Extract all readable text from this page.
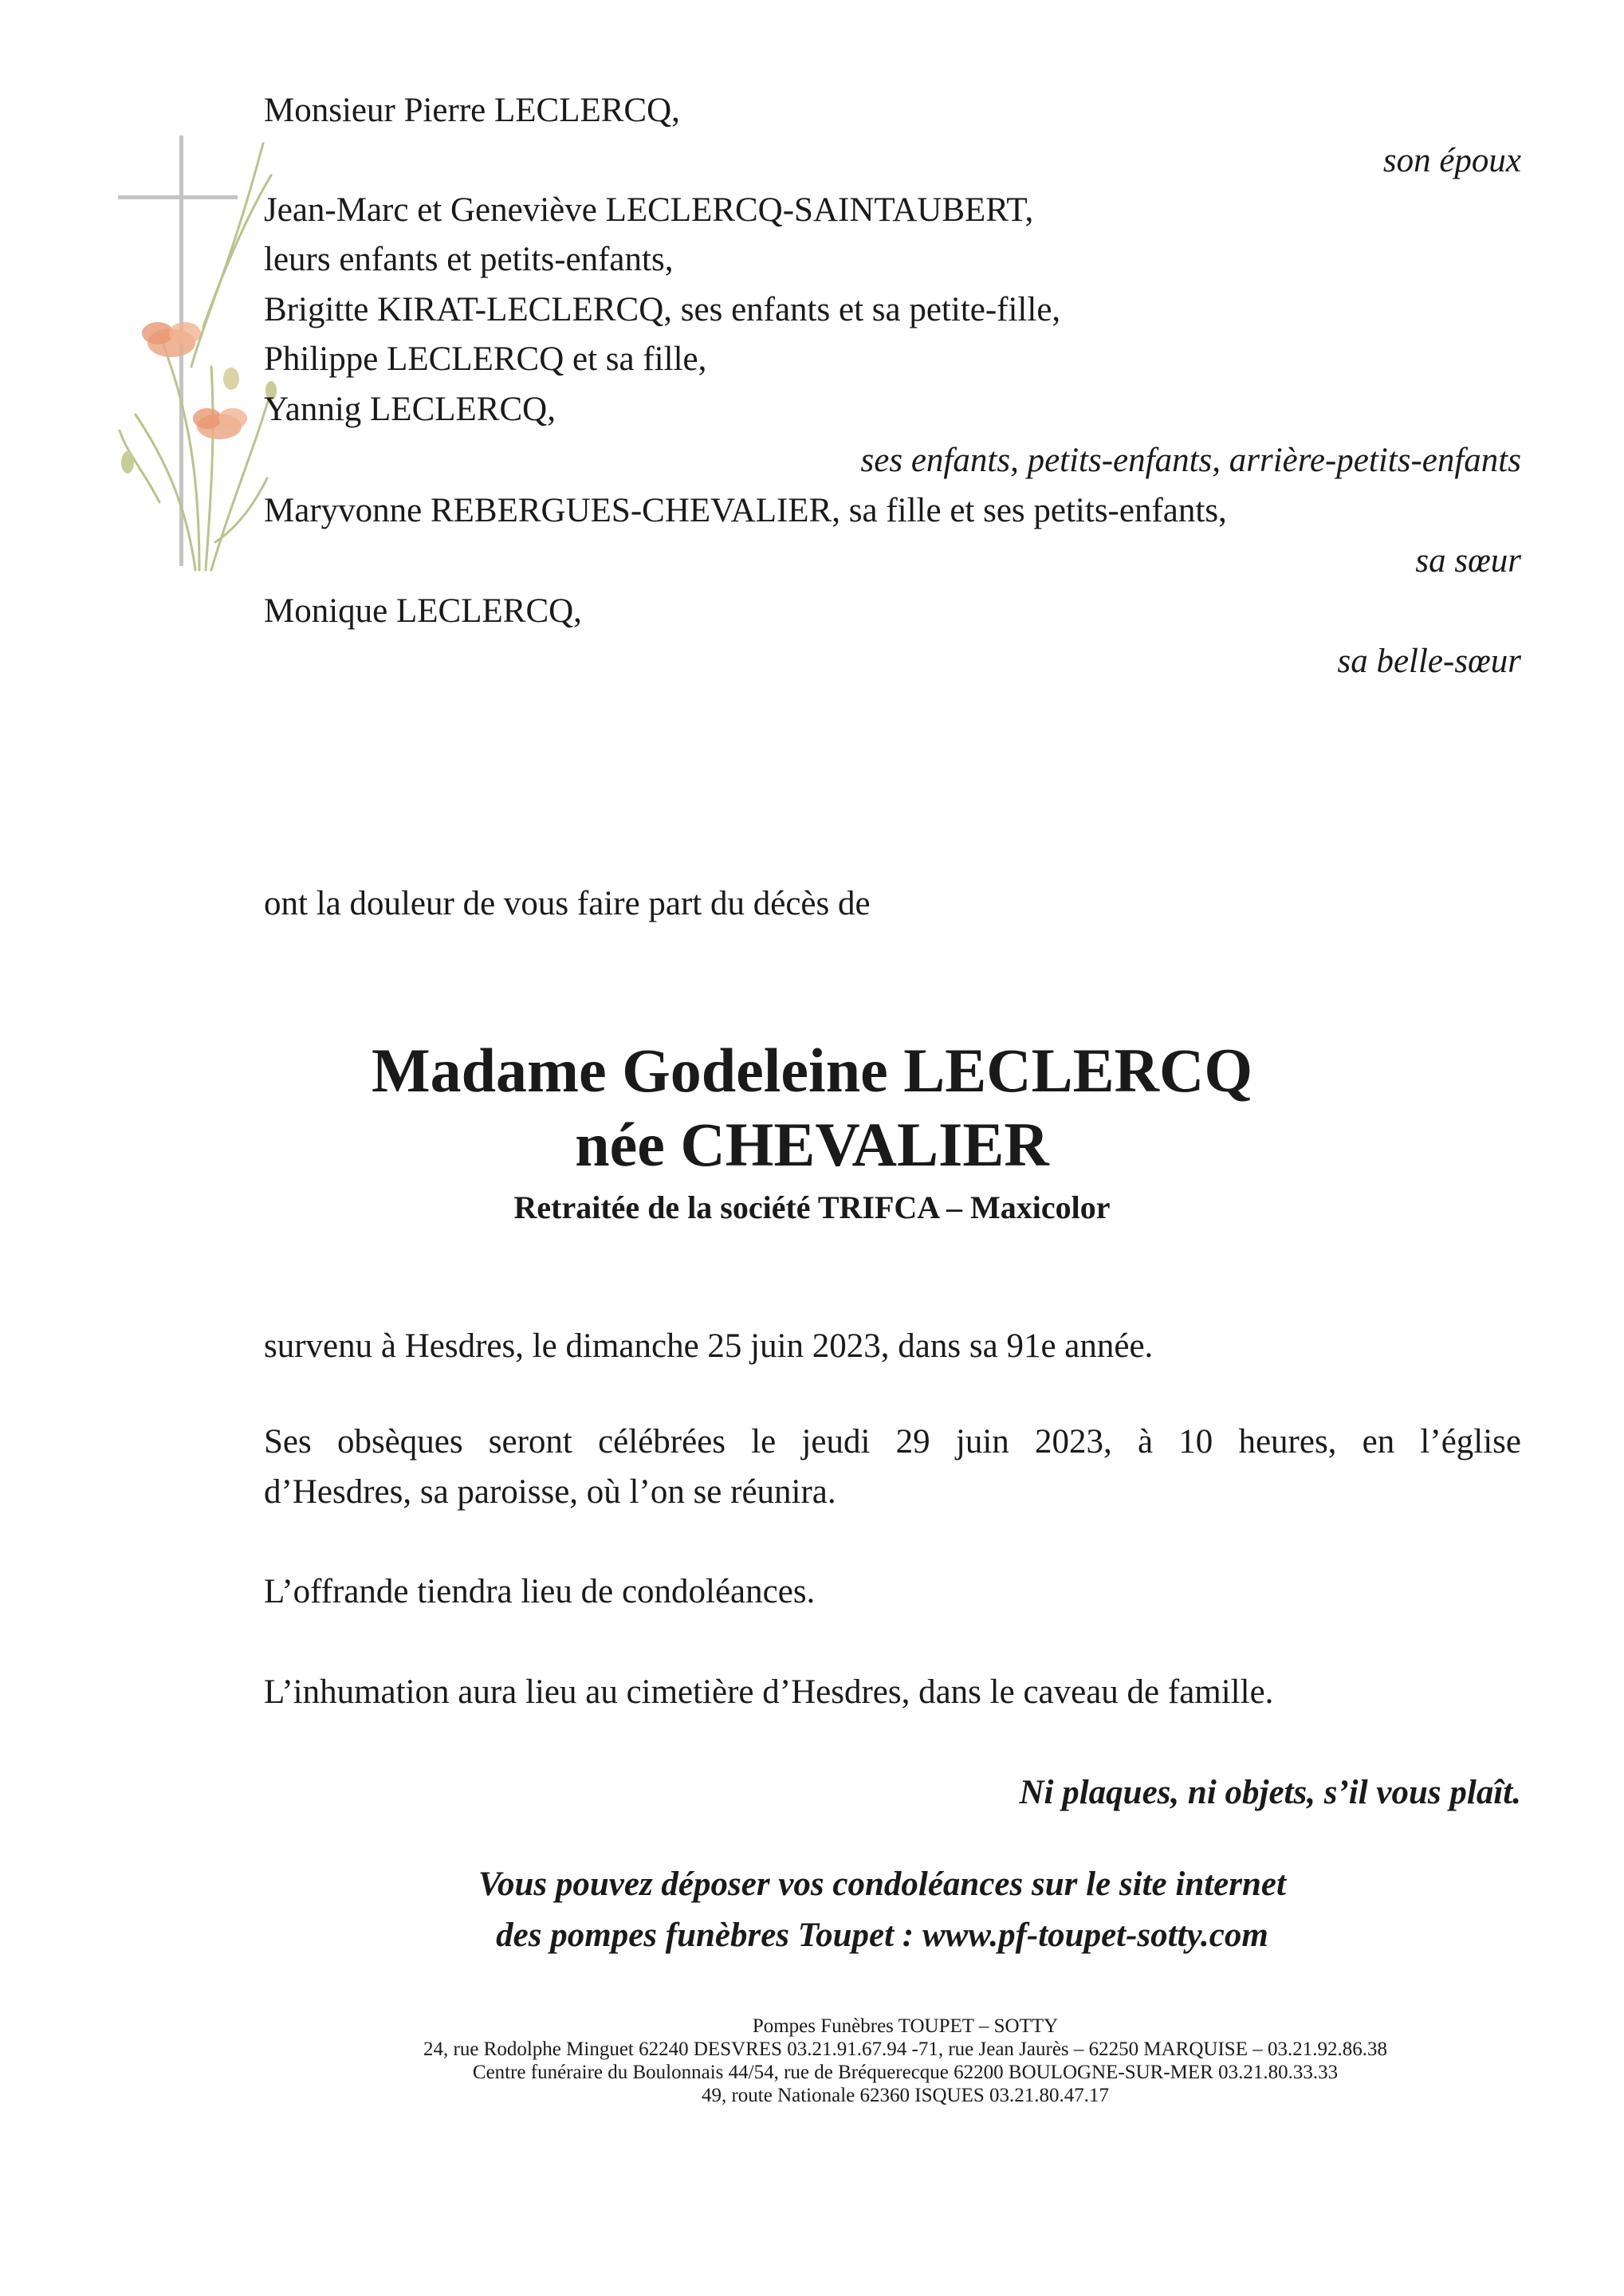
Monsieur Pierre LECLERCQ,
son époux
Jean-Marc et Geneviève LECLERCQ-SAINTAUBERT,
leurs enfants et petits-enfants,
Brigitte KIRAT-LECLERCQ, ses enfants et sa petite-fille,
Philippe LECLERCQ et sa fille,
Yannig LECLERCQ,
ses enfants, petits-enfants, arrière-petits-enfants
Maryvonne REBERGUES-CHEVALIER, sa fille et ses petits-enfants,
sa sœur
Monique LECLERCQ,
sa belle-sœur
ont la douleur de vous faire part du décès de
Madame Godeleine LECLERCQ
née CHEVALIER
Retraitée de la société TRIFCA – Maxicolor
survenu à Hesdres, le dimanche 25 juin 2023, dans sa 91e année.
Ses obsèques seront célébrées le jeudi 29 juin 2023, à 10 heures, en l’église
d’Hesdres, sa paroisse, où l’on se réunira.
L’offrande tiendra lieu de condoléances.
L’inhumation aura lieu au cimetière d’Hesdres, dans le caveau de famille.
Ni plaques, ni objets, s’il vous plaît.
Vous pouvez déposer vos condoléances sur le site internet
des pompes funèbres Toupet : www.pf-toupet-sotty.com
Pompes Funèbres TOUPET – SOTTY
24, rue Rodolphe Minguet 62240 DESVRES 03.21.91.67.94 -71, rue Jean Jaurès – 62250 MARQUISE – 03.21.92.86.38
Centre funéraire du Boulonnais 44/54, rue de Bréquerecque 62200 BOULOGNE-SUR-MER 03.21.80.33.33
49, route Nationale 62360 ISQUES 03.21.80.47.17
